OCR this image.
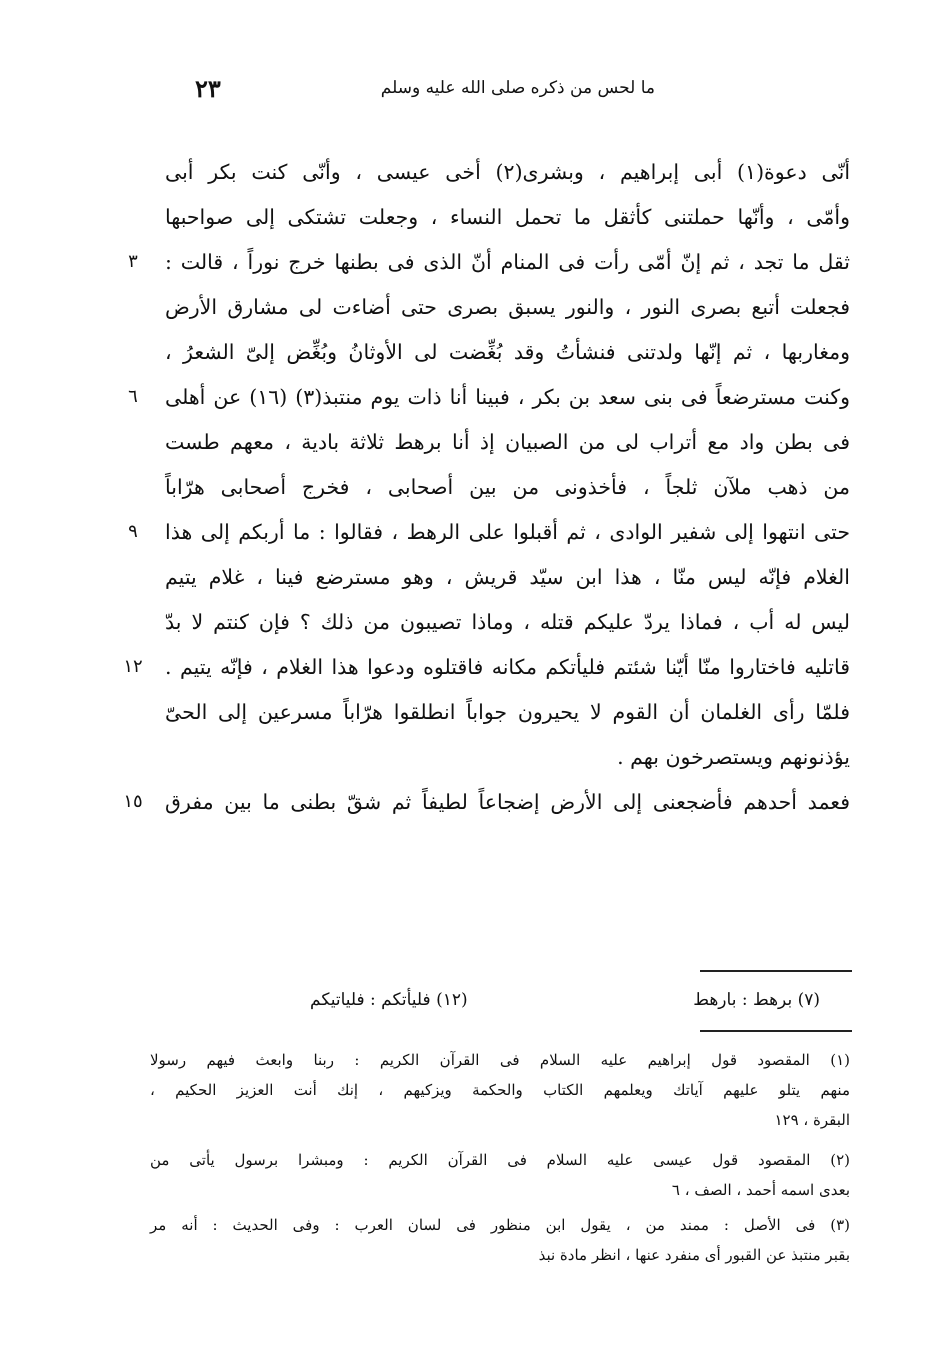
٢٣	ما لحس من ذكره صلى الله عليه وسلم
أنّى دعوة(١) أبى إبراهيم ، وبشرى(٢) أخى عيسى ، وأنّى كنت بكر أبى
وأمّى ، وأنّها حملتنى كأثقل ما تحمل النساء ، وجعلت تشتكى إلى صواحبها
ثقل ما تجد ، ثم إنّ أمّى رأت فى المنام أنّ الذى فى بطنها خرج نوراً ، قالت :
فجعلت أتبع بصرى النور ، والنور يسبق بصرى حتى أضاءت لى مشارق الأرض
ومغاربها ، ثم إنّها ولدتنى فنشأتُ وقد بُغِّضت لى الأوثانُ وبُغِّض إلىّ الشعرُ ،
وكنت مسترضعاً فى بنى سعد بن بكر ، فبينا أنا ذات يوم منتبذ(٣) (١٦) عن أهلى
فى بطن واد مع أتراب لى من الصبيان إذ أنا برهط ثلاثة بادية ، معهم طست
من ذهب ملآن ثلجاً ، فأخذونى من بين أصحابى ، فخرج أصحابى هرّاباً
حتى انتهوا إلى شفير الوادى ، ثم أقبلوا على الرهط ، فقالوا : ما أربكم إلى هذا
الغلام فإنّه ليس منّا ، هذا ابن سيّد قريش ، وهو مسترضع فينا ، غلام يتيم
ليس له أب ، فماذا يردّ عليكم قتله ، وماذا تصيبون من ذلك ؟ فإن كنتم لا بدّ
قاتليه فاختاروا منّا أيّنا شئتم فليأتكم مكانه فاقتلوه ودعوا هذا الغلام ، فإنّه يتيم .
فلمّا رأى الغلمان أن القوم لا يحيرون جواباً انطلقوا هرّاباً مسرعين إلى الحىّ
يؤذنونهم ويستصرخون بهم .
فعمد أحدهم فأضجعنى إلى الأرض إضجاعاً لطيفاً ثم شقّ بطنى ما بين مفرق
٣
٦
٩
١٢
١٥
(٧) برهط : بارهط
(١٢) فليأتكم : فلياتيكم
(١) المقصود قول إبراهيم عليه السلام فى القرآن الكريم : ربنا وابعث فيهم رسولا
منهم يتلو عليهم آياتك ويعلمهم الكتاب والحكمة ويزكيهم ، إنك أنت العزيز الحكيم ،
البقرة ، ١٢٩
(٢) المقصود قول عيسى عليه السلام فى القرآن الكريم : ومبشرا برسول يأتى من
بعدى اسمه أحمد ، الصف ، ٦
(٣) فى الأصل : ممند من ، يقول ابن منظور فى لسان العرب : وفى الحديث : أنه مر
بقبر منتبذ عن القبور أى منفرد عنها ، انظر مادة نبذ
